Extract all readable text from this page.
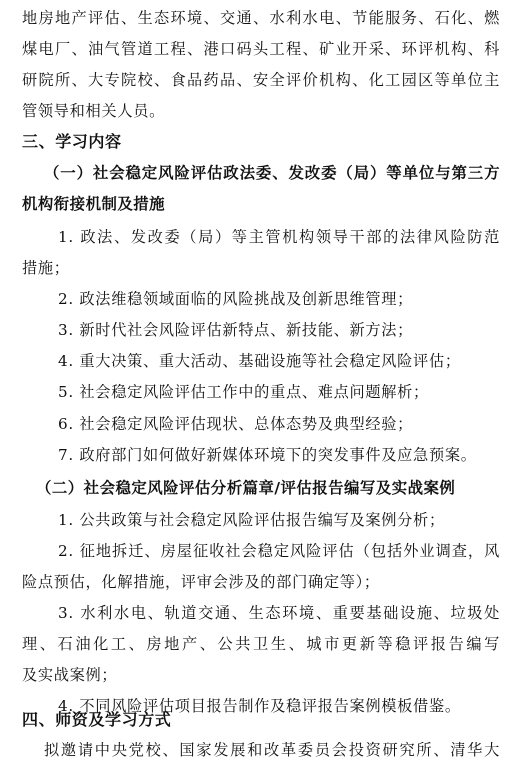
地房地产评估、生态环境、交通、水利水电、节能服务、石化、燃
煤电厂、油气管道工程、港口码头工程、矿业开采、环评机构、科
研院所、大专院校、食品药品、安全评价机构、化工园区等单位主
管领导和相关人员。
三、学习内容
（一）社会稳定风险评估政法委、发改委（局）等单位与第三方
机构衔接机制及措施
1. 政法、发改委（局）等主管机构领导干部的法律风险防范
措施；
2. 政法维稳领域面临的风险挑战及创新思维管理；
3. 新时代社会风险评估新特点、新技能、新方法；
4. 重大决策、重大活动、基础设施等社会稳定风险评估；
5. 社会稳定风险评估工作中的重点、难点问题解析；
6. 社会稳定风险评估现状、总体态势及典型经验；
7. 政府部门如何做好新媒体环境下的突发事件及应急预案。
（二）社会稳定风险评估分析篇章/评估报告编写及实战案例
1. 公共政策与社会稳定风险评估报告编写及案例分析；
2. 征地拆迁、房屋征收社会稳定风险评估（包括外业调查，风
险点预估，化解措施，评审会涉及的部门确定等）；
3. 水利水电、轨道交通、生态环境、重要基础设施、垃圾处
理、石油化工、房地产、公共卫生、城市更新等稳评报告编写
及实战案例；
4. 不同风险评估项目报告制作及稳评报告案例模板借鉴。
四、师资及学习方式
拟邀请中央党校、国家发展和改革委员会投资研究所、清华大
